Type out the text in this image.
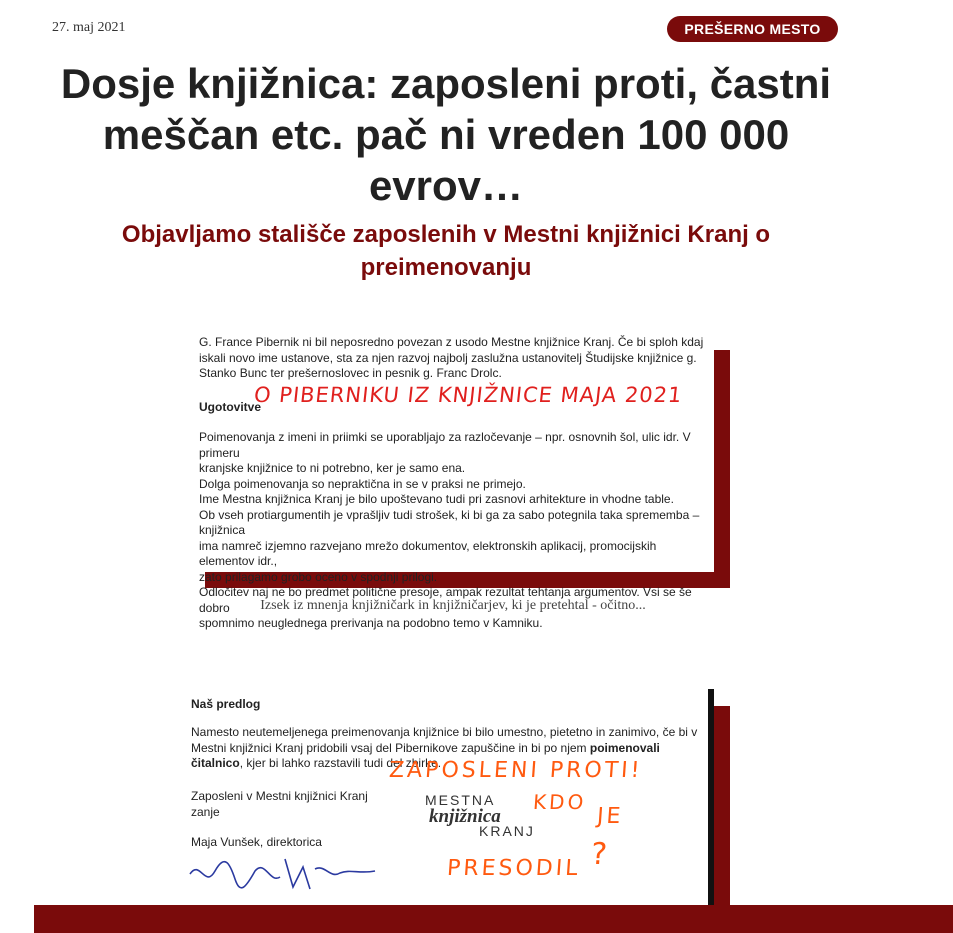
27. maj 2021	PREŠERNO MESTO
Dosje knjižnica: zaposleni proti, častni meščan etc. pač ni vreden 100 000 evrov…
Objavljamo stališče zaposlenih v Mestni knjižnici Kranj o preimenovanju

G. France Pibernik ni bil neposredno povezan z usodo Mestne knjižnice Kranj. Če bi sploh kdaj iskali novo ime ustanove, sta za njen razvoj najbolj zaslužna ustanovitelj Študijske knjižnice g. Stanko Bunc ter prešernoslovec in pesnik g. Franc Drolc.

Ugotovitve
O PIBERNIKU IZ KNJIŽNICE MAJA 2021
Poimenovanja z imeni in priimki se uporabljajo za razločevanje – npr. osnovnih šol, ulic idr. V primeru
kranjske knjižnice to ni potrebno, ker je samo ena.
Dolga poimenovanja so nepraktična in se v praksi ne primejo.
Ime Mestna knjižnica Kranj je bilo upoštevano tudi pri zasnovi arhitekture in vhodne table.
Ob vseh protiargumentih je vprašljiv tudi strošek, ki bi ga za sabo potegnila taka sprememba – knjižnica
ima namreč izjemno razvejano mrežo dokumentov, elektronskih aplikacij, promocijskih elementov idr.,
zato prilagamo grobo oceno v spodnji prilogi.
Odločitev naj ne bo predmet politične presoje, ampak rezultat tehtanja argumentov. Vsi se še dobro
spomnimo neuglednega prerivanja na podobno temo v Kamniku.
Izsek iz mnenja knjižničark in knjižničarjev, ki je pretehtal - očitno...
Naš predlog

Namesto neutemeljenega preimenovanja knjižnice bi bilo umestno, pietetno in zanimivo, če bi v Mestni knjižnici Kranj pridobili vsaj del Pibernikove zapuščine in bi po njem poimenovali čitalnico, kjer bi lahko razstavili tudi del zbirke.

Zaposleni v Mestni knjižnici Kranj
zanje
Maja Vunšek, direktorica
MESTNA
knjižnica
KRANJ
ZAPOSLENI PROTI!
KDO
JE
PRESODIL ?
